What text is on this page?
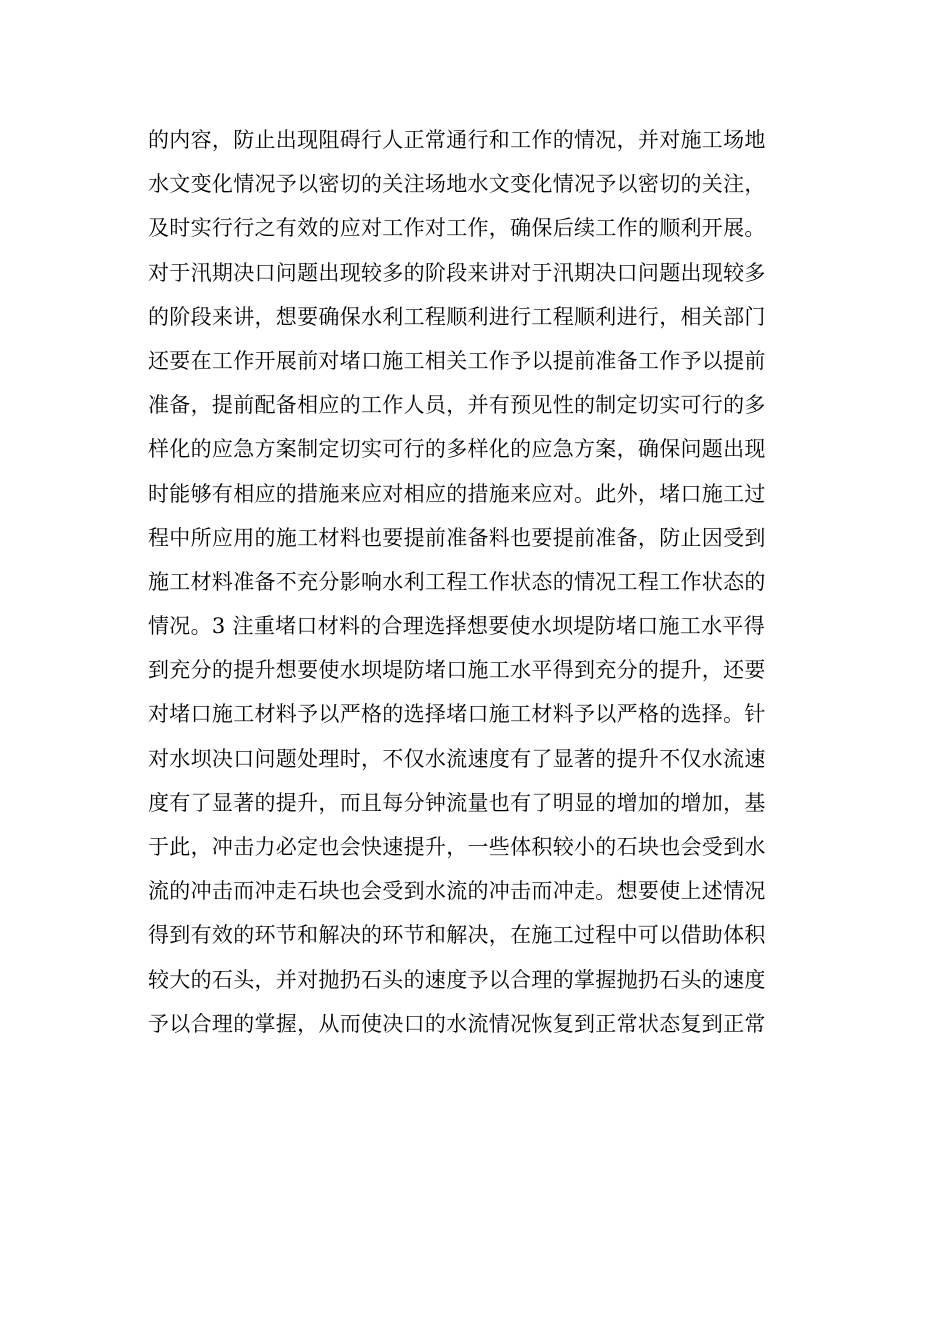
的内容，防止出现阻碍行人正常通行和工作的情况，并对施工场地
水文变化情况予以密切的关注场地水文变化情况予以密切的关注，
及时实行行之有效的应对工作对工作，确保后续工作的顺利开展。
对于汛期决口问题出现较多的阶段来讲对于汛期决口问题出现较多
的阶段来讲，想要确保水利工程顺利进行工程顺利进行，相关部门
还要在工作开展前对堵口施工相关工作予以提前准备工作予以提前
准备，提前配备相应的工作人员，并有预见性的制定切实可行的多
样化的应急方案制定切实可行的多样化的应急方案，确保问题出现
时能够有相应的措施来应对相应的措施来应对。此外，堵口施工过
程中所应用的施工材料也要提前准备料也要提前准备，防止因受到
施工材料准备不充分影响水利工程工作状态的情况工程工作状态的
情况。3 注重堵口材料的合理选择想要使水坝堤防堵口施工水平得
到充分的提升想要使水坝堤防堵口施工水平得到充分的提升，还要
对堵口施工材料予以严格的选择堵口施工材料予以严格的选择。针
对水坝决口问题处理时，不仅水流速度有了显著的提升不仅水流速
度有了显著的提升，而且每分钟流量也有了明显的增加的增加，基
于此，冲击力必定也会快速提升，一些体积较小的石块也会受到水
流的冲击而冲走石块也会受到水流的冲击而冲走。想要使上述情况
得到有效的环节和解决的环节和解决，在施工过程中可以借助体积
较大的石头，并对抛扔石头的速度予以合理的掌握抛扔石头的速度
予以合理的掌握，从而使决口的水流情况恢复到正常状态复到正常
